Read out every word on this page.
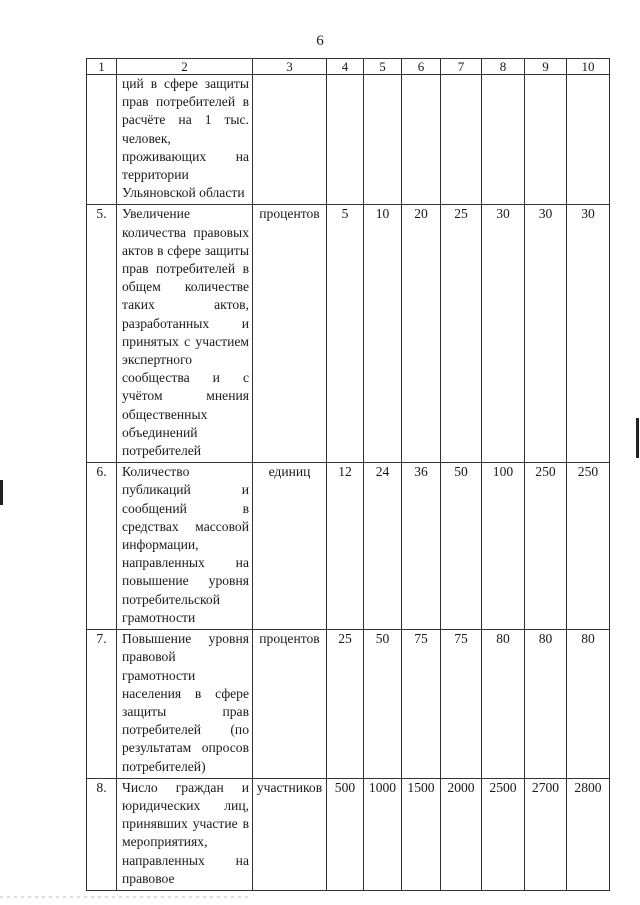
6
1	2	3	4	5	6	7	8	9	10
	ций в сфере защиты прав потребителей в расчёте на 1 тыс. человек, проживающих на территории Ульяновской области								
5.	Увеличение количества правовых актов в сфере защиты прав потребителей в общем количестве таких актов, разработанных и принятых с участием экспертного сообщества и с учётом мнения общественных объединений потребителей	процентов	5	10	20	25	30	30	30
6.	Количество публикаций и сообщений в средствах массовой информации, направленных на повышение уровня потребительской грамотности	единиц	12	24	36	50	100	250	250
7.	Повышение уровня правовой грамотности населения в сфере защиты прав потребителей (по результатам опросов потребителей)	процентов	25	50	75	75	80	80	80
8.	Число граждан и юридических лиц, принявших участие в мероприятиях, направленных на правовое	участников	500	1000	1500	2000	2500	2700	2800
